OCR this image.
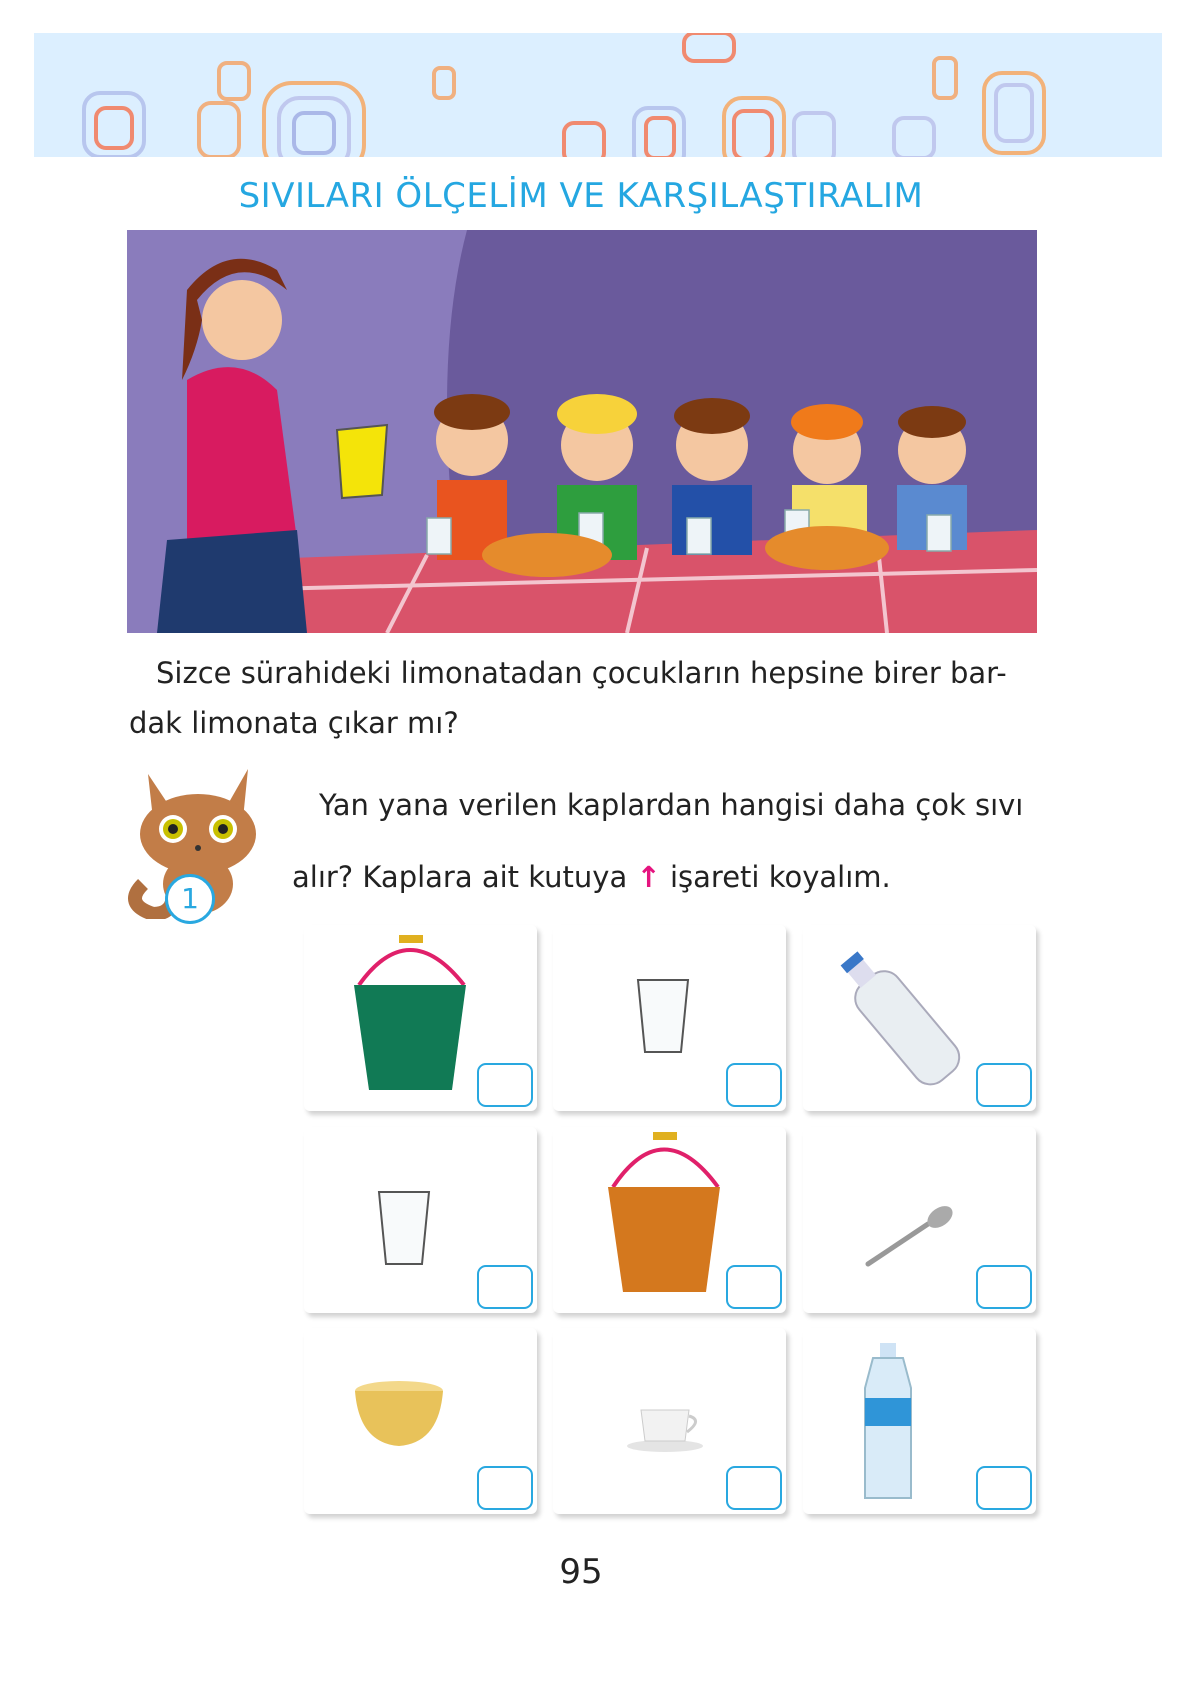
SIVILARI ÖLÇELİM VE KARŞILAŞTIRALIM
Sizce sürahideki limonatadan çocukların hepsine birer bar-
dak limonata çıkar mı?
1
Yan yana verilen kaplardan hangisi daha çok sıvı
alır? Kaplara ait kutuya ↑ işareti koyalım.
95
